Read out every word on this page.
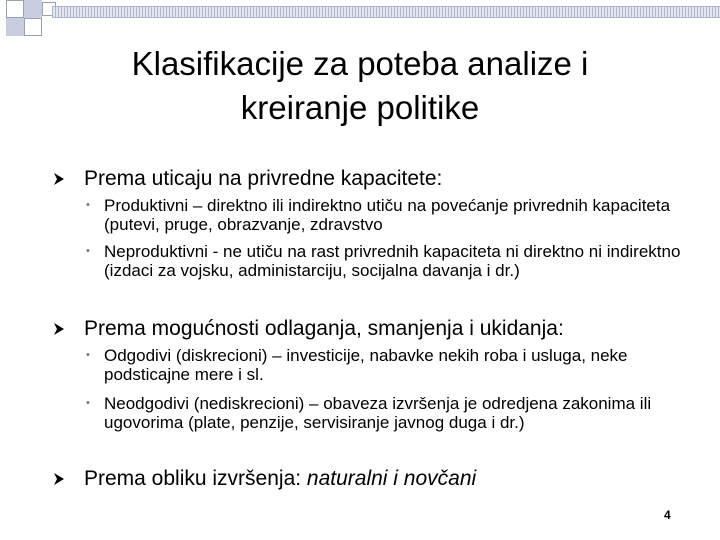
Klasifikacije za poteba analize i
kreiranje politike
Prema uticaju na privredne kapacitete:
• Produktivni – direktno ili indirektno utiču na povećanje privrednih kapaciteta (putevi, pruge, obrazvanje, zdravstvo
• Neproduktivni - ne utiču na rast privrednih kapaciteta ni direktno ni indirektno (izdaci za vojsku, administarciju, socijalna davanja i dr.)
Prema mogućnosti odlaganja, smanjenja i ukidanja:
• Odgodivi (diskrecioni) – investicije, nabavke nekih roba i usluga, neke podsticajne mere i sl.
• Neodgodivi (nediskrecioni) – obaveza izvršenja je odredjena zakonima ili ugovorima (plate, penzije, servisiranje javnog duga i dr.)
Prema obliku izvršenja: naturalni i novčani
4
